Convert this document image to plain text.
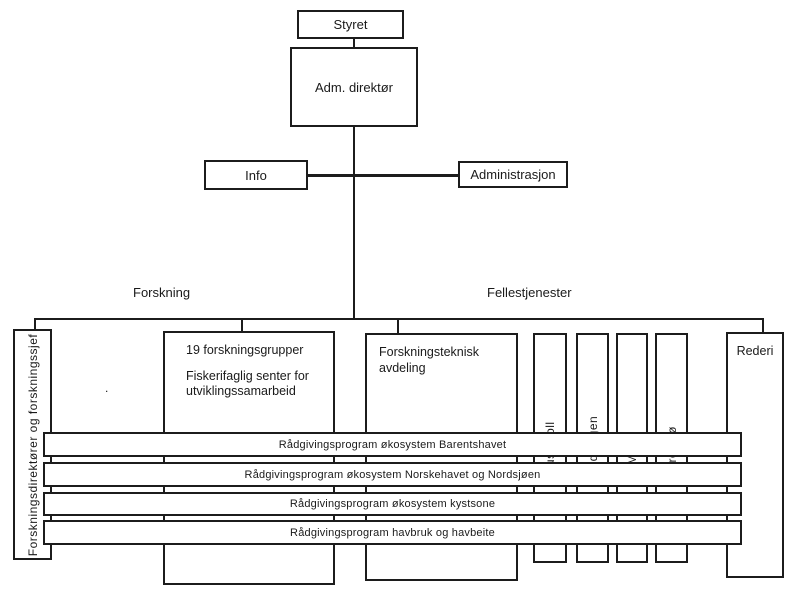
Styret
Adm. direktør
Info	Administrasjon
Forskning	Fellestjenester
Forskningsdirektører og forskningssjef	19 forskningsgrupper
Fiskerifaglig senter for utviklingssamarbeid
.
Forskningsteknisk
avdeling
Rederi
Rådgivingsprogram økosystem Barentshavet
Rådgivingsprogram økosystem Norskehavet og Nordsjøen
Rådgivingsprogram økosystem kystsone
Rådgivingsprogram havbruk og havbeite
